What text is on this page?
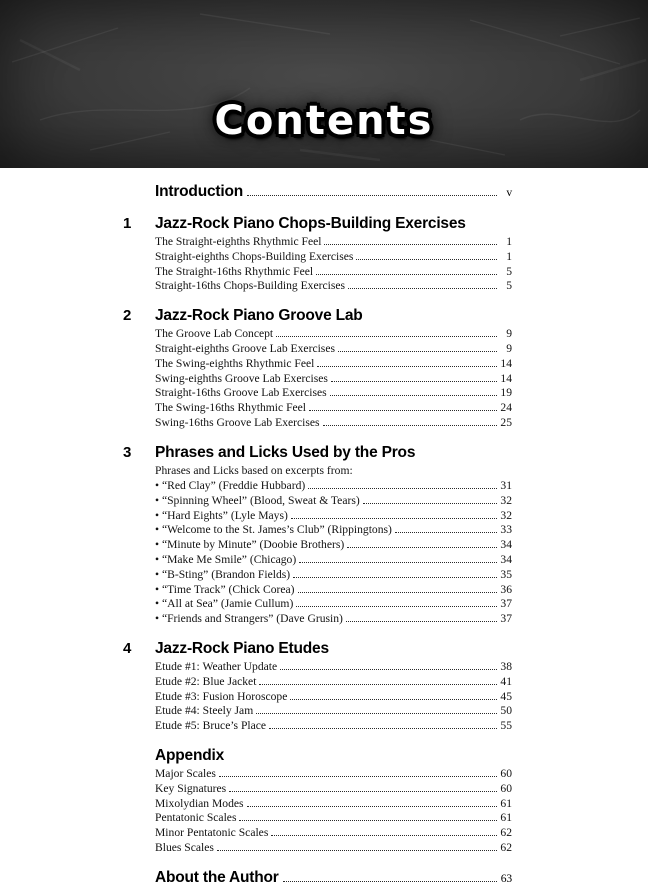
Contents
Introduction	v
1 Jazz-Rock Piano Chops-Building Exercises
The Straight-eighths Rhythmic Feel	1
Straight-eighths Chops-Building Exercises	1
The Straight-16ths Rhythmic Feel	5
Straight-16ths Chops-Building Exercises	5
2 Jazz-Rock Piano Groove Lab
The Groove Lab Concept	9
Straight-eighths Groove Lab Exercises	9
The Swing-eighths Rhythmic Feel	14
Swing-eighths Groove Lab Exercises	14
Straight-16ths Groove Lab Exercises	19
The Swing-16ths Rhythmic Feel	24
Swing-16ths Groove Lab Exercises	25
3 Phrases and Licks Used by the Pros
Phrases and Licks based on excerpts from:
• “Red Clay” (Freddie Hubbard)	31
• “Spinning Wheel” (Blood, Sweat & Tears)	32
• “Hard Eights” (Lyle Mays)	32
• “Welcome to the St. James’s Club” (Rippingtons)	33
• “Minute by Minute” (Doobie Brothers)	34
• “Make Me Smile” (Chicago)	34
• “B-Sting” (Brandon Fields)	35
• “Time Track” (Chick Corea)	36
• “All at Sea” (Jamie Cullum)	37
• “Friends and Strangers” (Dave Grusin)	37
4 Jazz-Rock Piano Etudes
Etude #1: Weather Update	38
Etude #2: Blue Jacket	41
Etude #3: Fusion Horoscope	45
Etude #4: Steely Jam	50
Etude #5: Bruce’s Place	55
Appendix
Major Scales	60
Key Signatures	60
Mixolydian Modes	61
Pentatonic Scales	61
Minor Pentatonic Scales	62
Blues Scales	62
About the Author	63
